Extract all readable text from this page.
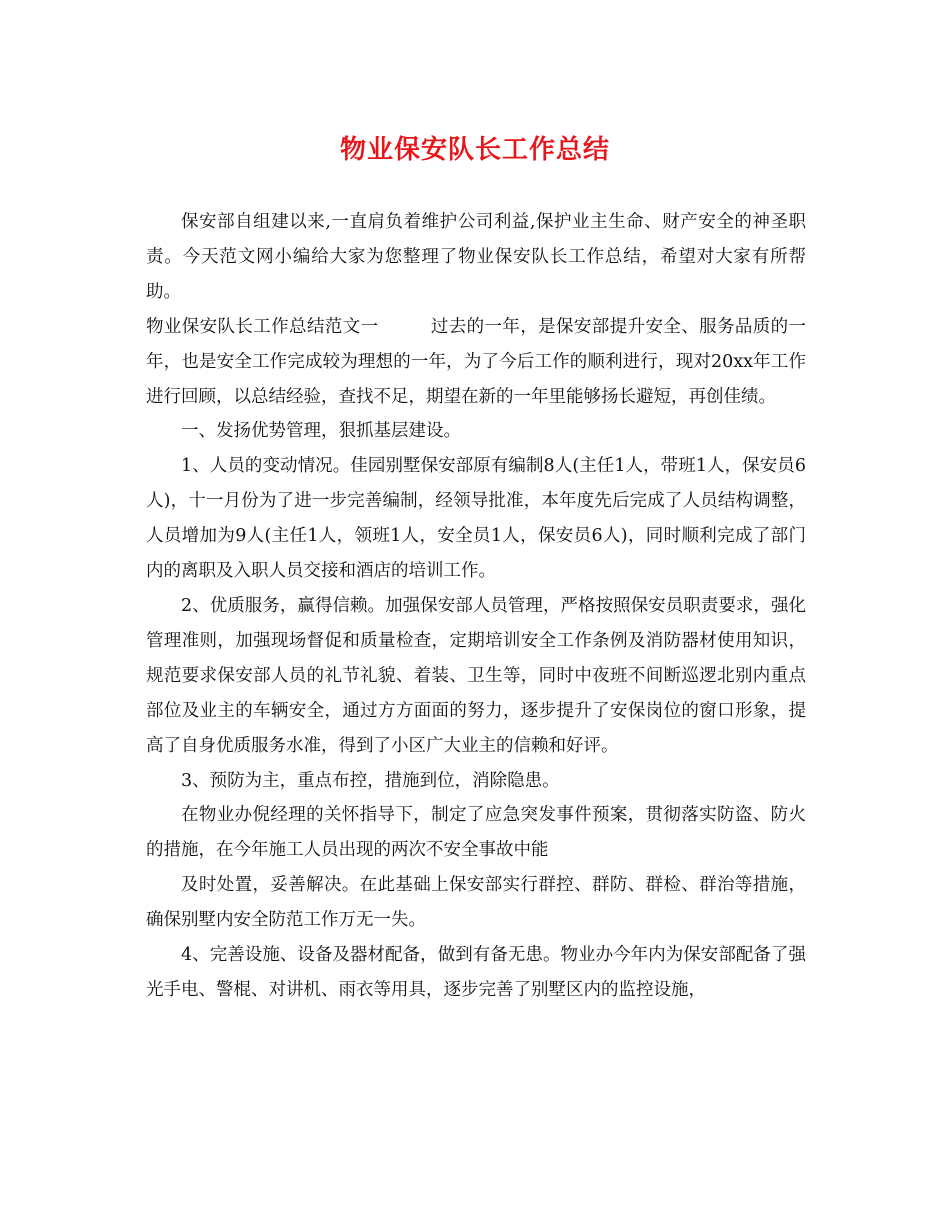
物业保安队长工作总结

保安部自组建以来,一直肩负着维护公司利益,保护业主生命、财产安全的神圣职责。今天范文网小编给大家为您整理了物业保安队长工作总结，希望对大家有所帮助。

物业保安队长工作总结范文一	过去的一年，是保安部提升安全、服务品质的一年，也是安全工作完成较为理想的一年，为了今后工作的顺利进行，现对20xx年工作进行回顾，以总结经验，查找不足，期望在新的一年里能够扬长避短，再创佳绩。

一、发扬优势管理，狠抓基层建设。

1、人员的变动情况。佳园别墅保安部原有编制8人(主任1人，带班1人，保安员6人)，十一月份为了进一步完善编制，经领导批准，本年度先后完成了人员结构调整，人员增加为9人(主任1人，领班1人，安全员1人，保安员6人)，同时顺利完成了部门内的离职及入职人员交接和酒店的培训工作。

2、优质服务，赢得信赖。加强保安部人员管理，严格按照保安员职责要求，强化管理准则，加强现场督促和质量检查，定期培训安全工作条例及消防器材使用知识，规范要求保安部人员的礼节礼貌、着装、卫生等，同时中夜班不间断巡逻北别内重点部位及业主的车辆安全，通过方方面面的努力，逐步提升了安保岗位的窗口形象，提高了自身优质服务水准，得到了小区广大业主的信赖和好评。

3、预防为主，重点布控，措施到位，消除隐患。

在物业办倪经理的关怀指导下，制定了应急突发事件预案，贯彻落实防盗、防火的措施，在今年施工人员出现的两次不安全事故中能

及时处置，妥善解决。在此基础上保安部实行群控、群防、群检、群治等措施，确保别墅内安全防范工作万无一失。

4、完善设施、设备及器材配备，做到有备无患。物业办今年内为保安部配备了强光手电、警棍、对讲机、雨衣等用具，逐步完善了别墅区内的监控设施，
